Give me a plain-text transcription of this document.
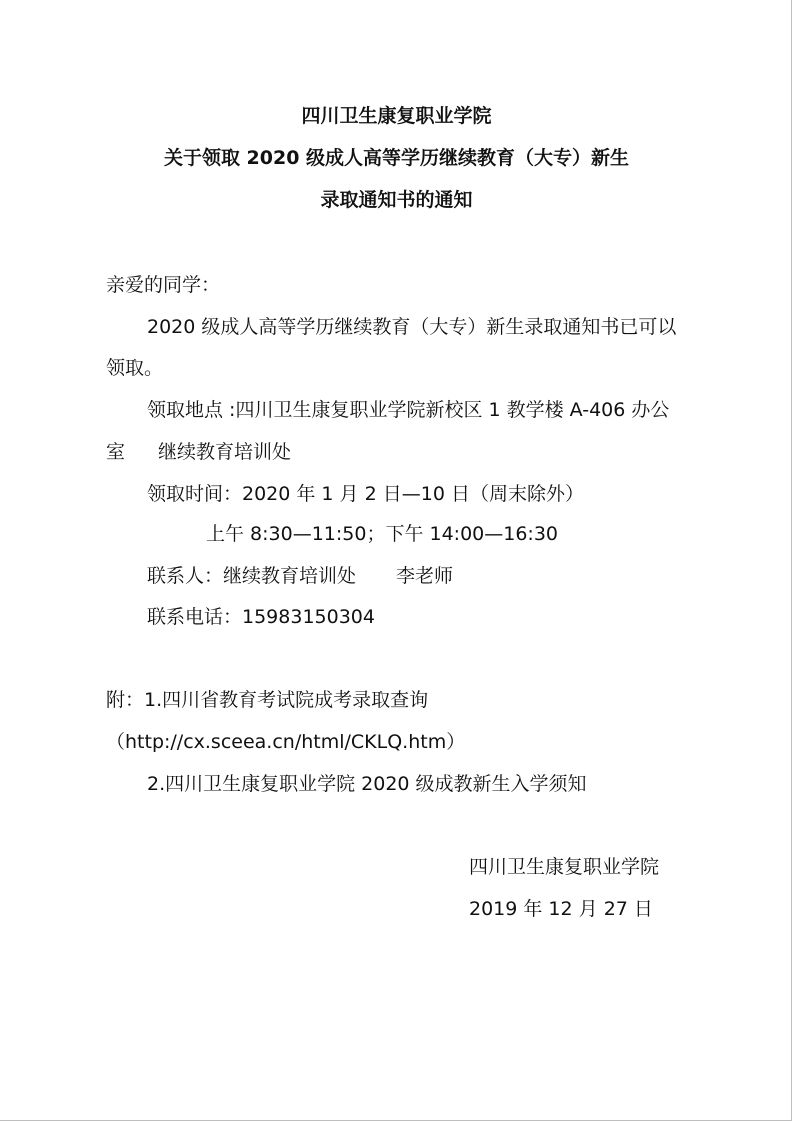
四川卫生康复职业学院
关于领取 2020 级成人高等学历继续教育（大专）新生
录取通知书的通知
亲爱的同学：
2020 级成人高等学历继续教育（大专）新生录取通知书已可以
领取。
领取地点 :四川卫生康复职业学院新校区 1 教学楼 A-406 办公
室 继续教育培训处
领取时间：2020 年 1 月 2 日—10 日（周末除外）
上午 8:30—11:50；下午 14:00—16:30
联系人：继续教育培训处 李老师
联系电话：15983150304
附：1.四川省教育考试院成考录取查询
（http://cx.sceea.cn/html/CKLQ.htm）
2.四川卫生康复职业学院 2020 级成教新生入学须知
四川卫生康复职业学院
2019 年 12 月 27 日
